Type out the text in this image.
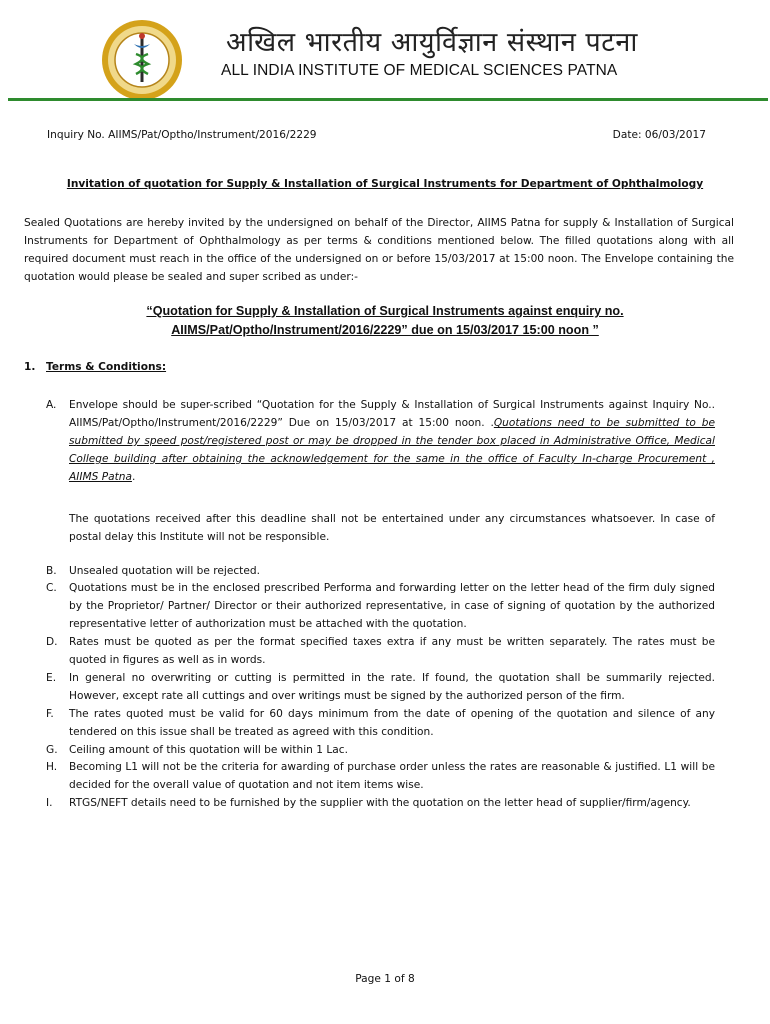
अखिल भारतीय आयुर्विज्ञान संस्थान पटना
ALL INDIA INSTITUTE OF MEDICAL SCIENCES PATNA
Inquiry No. AIIMS/Pat/Optho/Instrument/2016/2229	Date: 06/03/2017
Invitation of quotation for Supply & Installation of Surgical Instruments for Department of Ophthalmology
Sealed Quotations are hereby invited by the undersigned on behalf of the Director, AIIMS Patna for supply & Installation of Surgical Instruments for Department of Ophthalmology as per terms & conditions mentioned below. The filled quotations along with all required document must reach in the office of the undersigned on or before 15/03/2017 at 15:00 noon. The Envelope containing the quotation would please be sealed and super scribed as under:-
“Quotation for Supply & Installation of Surgical Instruments against enquiry no.
AIIMS/Pat/Optho/Instrument/2016/2229” due on 15/03/2017 15:00 noon ”
1. Terms & Conditions:
A.	Envelope should be super-scribed “Quotation for the Supply & Installation of Surgical Instruments against Inquiry No.. AIIMS/Pat/Optho/Instrument/2016/2229” Due on 15/03/2017 at 15:00 noon. .Quotations need to be submitted to be submitted by speed post/registered post or may be dropped in the tender box placed in Administrative Office, Medical College building after obtaining the acknowledgement for the same in the office of Faculty In-charge Procurement , AIIMS Patna.
The quotations received after this deadline shall not be entertained under any circumstances whatsoever. In case of postal delay this Institute will not be responsible.
B.	Unsealed quotation will be rejected.
C.	Quotations must be in the enclosed prescribed Performa and forwarding letter on the letter head of the firm duly signed by the Proprietor/ Partner/ Director or their authorized representative, in case of signing of quotation by the authorized representative letter of authorization must be attached with the quotation.
D.	Rates must be quoted as per the format specified taxes extra if any must be written separately. The rates must be quoted in figures as well as in words.
E.	In general no overwriting or cutting is permitted in the rate. If found, the quotation shall be summarily rejected. However, except rate all cuttings and over writings must be signed by the authorized person of the firm.
F.	The rates quoted must be valid for 60 days minimum from the date of opening of the quotation and silence of any tendered on this issue shall be treated as agreed with this condition.
G.	Ceiling amount of this quotation will be within 1 Lac.
H.	Becoming L1 will not be the criteria for awarding of purchase order unless the rates are reasonable & justified. L1 will be decided for the overall value of quotation and not item items wise.
I.	RTGS/NEFT details need to be furnished by the supplier with the quotation on the letter head of supplier/firm/agency.
Page 1 of 8
